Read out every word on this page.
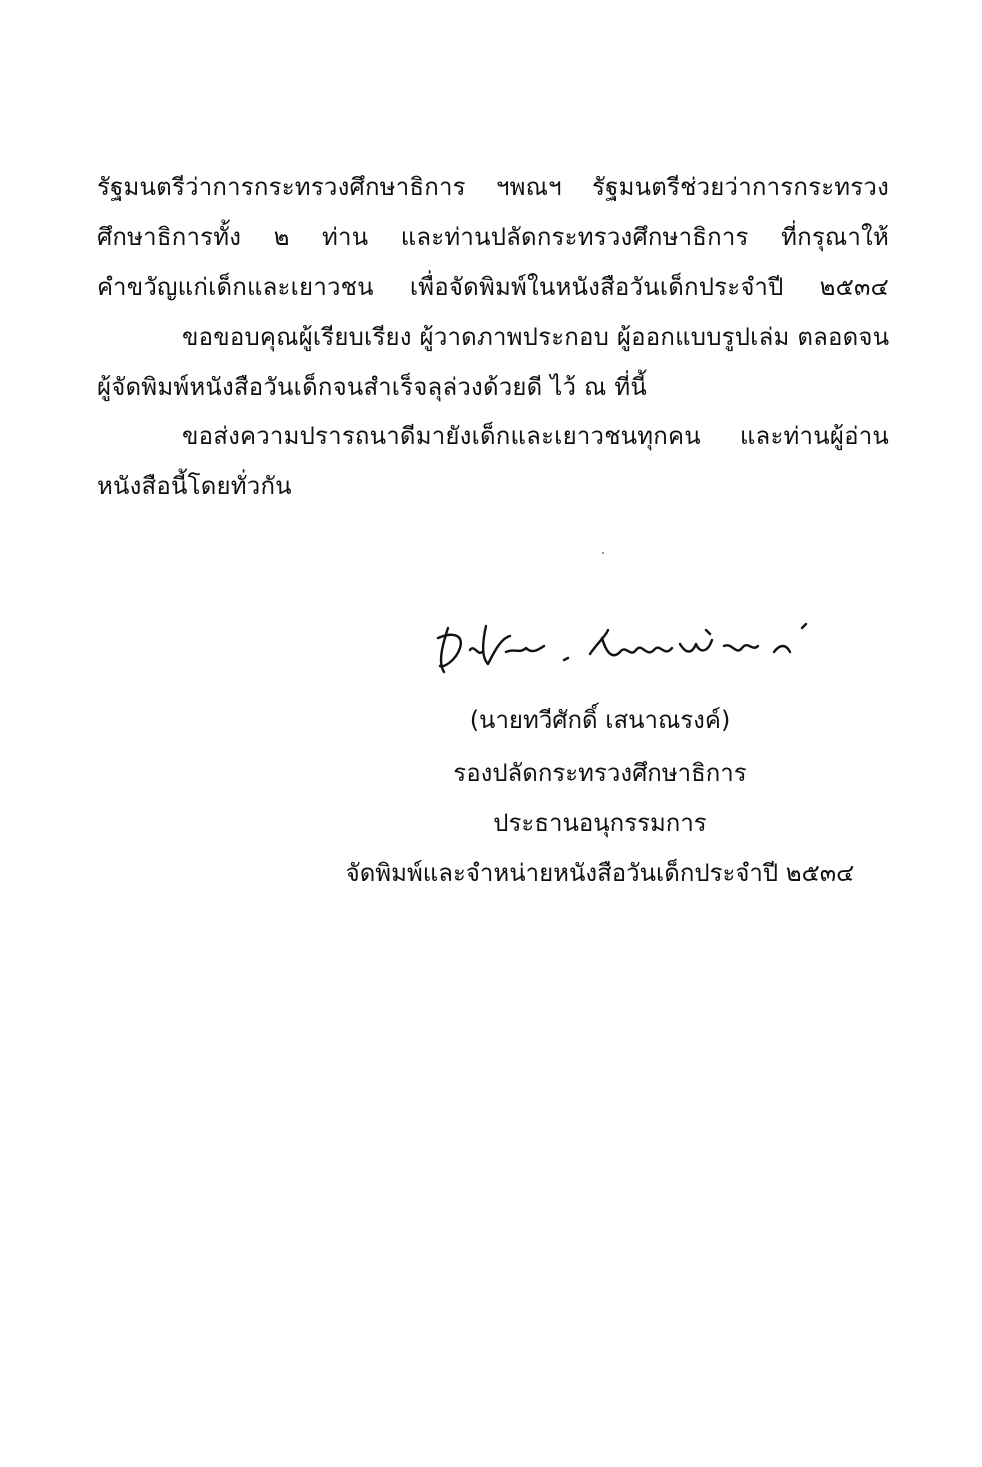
รัฐมนตรีว่าการกระทรวงศึกษาธิการ ฯพณฯ รัฐมนตรีช่วยว่าการกระทรวง
ศึกษาธิการทั้ง ๒ ท่าน และท่านปลัดกระทรวงศึกษาธิการ ที่กรุณาให้
คำขวัญแก่เด็กและเยาวชน เพื่อจัดพิมพ์ในหนังสือวันเด็กประจำปี ๒๕๓๔
ขอขอบคุณผู้เรียบเรียง ผู้วาดภาพประกอบ ผู้ออกแบบรูปเล่ม ตลอดจน
ผู้จัดพิมพ์หนังสือวันเด็กจนสำเร็จลุล่วงด้วยดี ไว้ ณ ที่นี้
ขอส่งความปรารถนาดีมายังเด็กและเยาวชนทุกคน และท่านผู้อ่าน
หนังสือนี้โดยทั่วกัน
(นายทวีศักดิ์ เสนาณรงค์)
รองปลัดกระทรวงศึกษาธิการ
ประธานอนุกรรมการ
จัดพิมพ์และจำหน่ายหนังสือวันเด็กประจำปี ๒๕๓๔
